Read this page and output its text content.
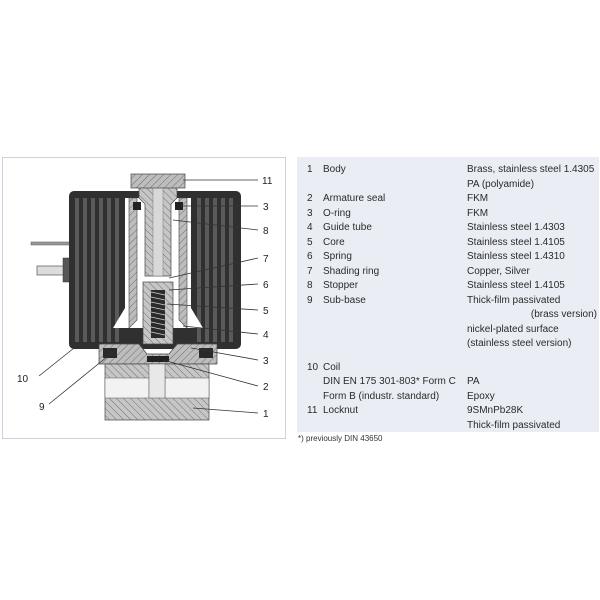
11
3
8
7
6
5
4
3
2
1
10
9
1	Body	Brass, stainless steel 1.4305
		PA (polyamide)
2	Armature seal	FKM
3	O-ring	FKM
4	Guide tube	Stainless steel 1.4303
5	Core	Stainless steel 1.4105
6	Spring	Stainless steel 1.4310
7	Shading ring	Copper, Silver
8	Stopper	Stainless steel 1.4105
9	Sub-base	Thick-film passivated
		(brass version)
		nickel-plated surface
		(stainless steel version)

10	Coil	
	DIN EN 175 301-803* Form C	PA
	Form B (industr. standard)	Epoxy
11	Locknut	9SMnPb28K
		Thick-film passivated
*) previously DIN 43650
